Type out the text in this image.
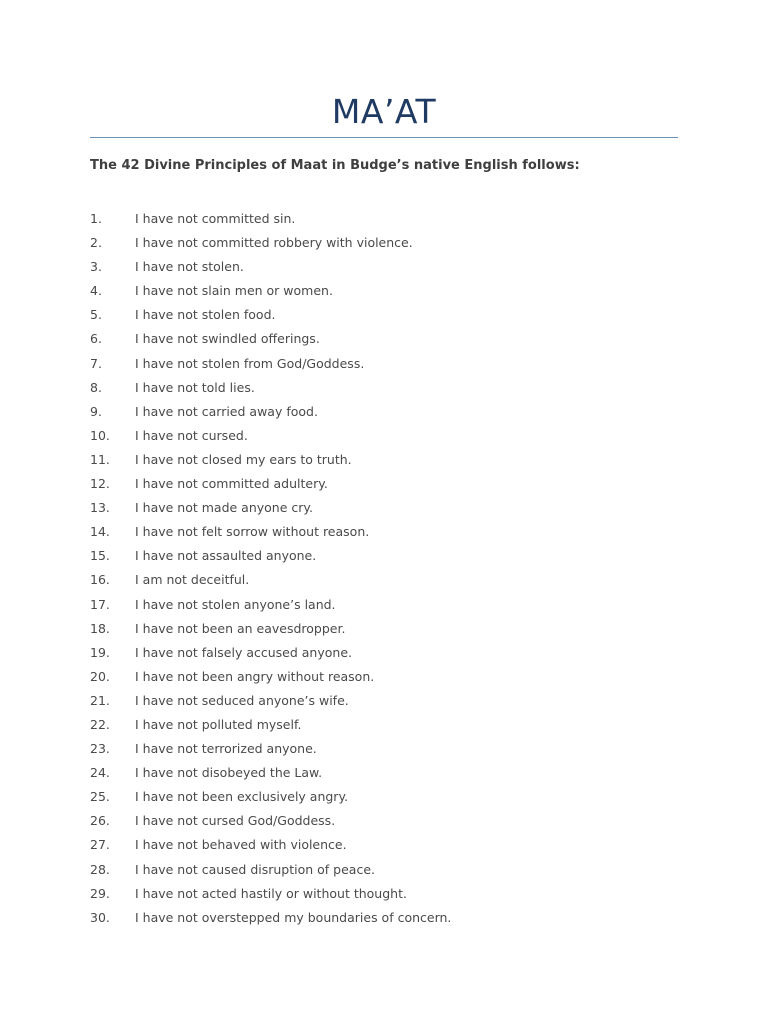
MA’AT
The 42 Divine Principles of Maat in Budge’s native English follows:
1.	I have not committed sin.
2.	I have not committed robbery with violence.
3.	I have not stolen.
4.	I have not slain men or women.
5.	I have not stolen food.
6.	I have not swindled offerings.
7.	I have not stolen from God/Goddess.
8.	I have not told lies.
9.	I have not carried away food.
10. I have not cursed.
11. I have not closed my ears to truth.
12. I have not committed adultery.
13. I have not made anyone cry.
14. I have not felt sorrow without reason.
15. I have not assaulted anyone.
16. I am not deceitful.
17. I have not stolen anyone’s land.
18. I have not been an eavesdropper.
19. I have not falsely accused anyone.
20. I have not been angry without reason.
21. I have not seduced anyone’s wife.
22. I have not polluted myself.
23. I have not terrorized anyone.
24. I have not disobeyed the Law.
25. I have not been exclusively angry.
26. I have not cursed God/Goddess.
27. I have not behaved with violence.
28. I have not caused disruption of peace.
29. I have not acted hastily or without thought.
30. I have not overstepped my boundaries of concern.
